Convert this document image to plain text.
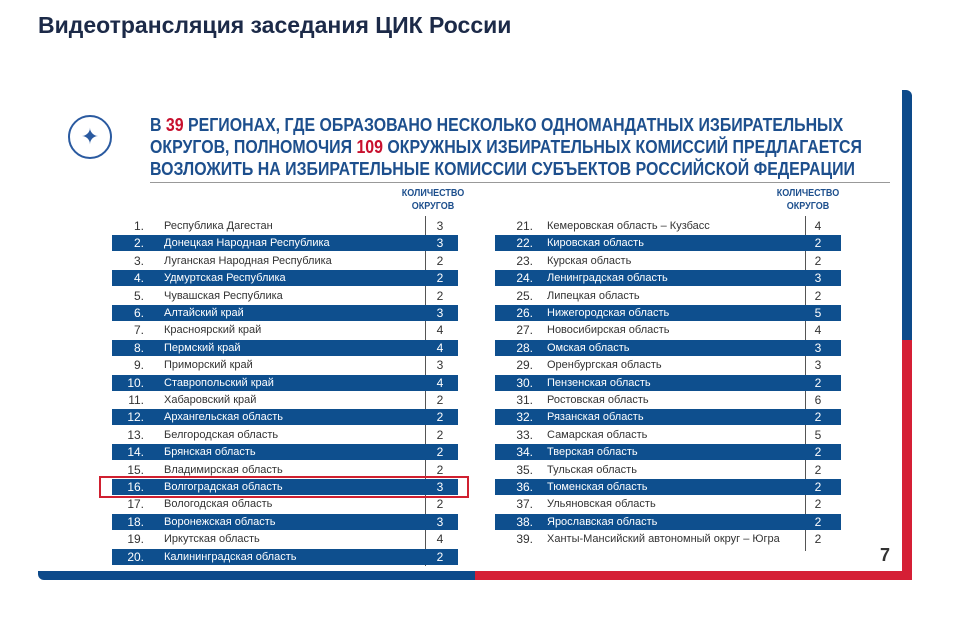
Видеотрансляция заседания ЦИК России
✦	В 39 РЕГИОНАХ, ГДЕ ОБРАЗОВАНО НЕСКОЛЬКО ОДНОМАНДАТНЫХ ИЗБИРАТЕЛЬНЫХ
ОКРУГОВ, ПОЛНОМОЧИЯ 109 ОКРУЖНЫХ ИЗБИРАТЕЛЬНЫХ КОМИССИЙ ПРЕДЛАГАЕТСЯ
ВОЗЛОЖИТЬ НА ИЗБИРАТЕЛЬНЫЕ КОМИССИИ СУБЪЕКТОВ РОССИЙСКОЙ ФЕДЕРАЦИИ
КОЛИЧЕСТВО ОКРУГОВ
КОЛИЧЕСТВО ОКРУГОВ
1. Республика Дагестан	3
2. Донецкая Народная Республика	3
3. Луганская Народная Республика	2
4. Удмуртская Республика	2
5. Чувашская Республика	2
6. Алтайский край	3
7. Красноярский край	4
8. Пермский край	4
9. Приморский край	3
10. Ставропольский край	4
11. Хабаровский край	2
12. Архангельская область	2
13. Белгородская область	2
14. Брянская область	2
15. Владимирская область	2
16. Волгоградская область	3
17. Вологодская область	2
18. Воронежская область	3
19. Иркутская область	4
20. Калининградская область	2
21. Кемеровская область – Кузбасс	4
22. Кировская область	2
23. Курская область	2
24. Ленинградская область	3
25. Липецкая область	2
26. Нижегородская область	5
27. Новосибирская область	4
28. Омская область	3
29. Оренбургская область	3
30. Пензенская область	2
31. Ростовская область	6
32. Рязанская область	2
33. Самарская область	5
34. Тверская область	2
35. Тульская область	2
36. Тюменская область	2
37. Ульяновская область	2
38. Ярославская область	2
39. Ханты-Мансийский автономный округ – Югра	2
7
